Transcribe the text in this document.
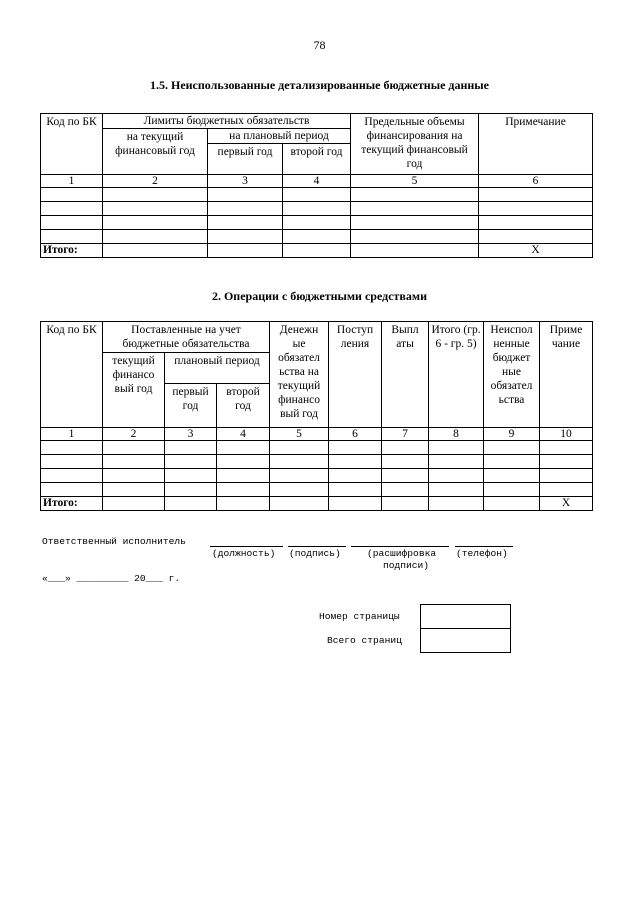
78
1.5. Неиспользованные детализированные бюджетные данные
Код по БК	Лимиты бюджетных обязательств			Предельные объемы финансирования на текущий финансовый год	Примечание
	на текущий финансовый год	на плановый период			
		первый год	второй год		
1	2	3	4	5	6

Итого:					Х
2. Операции с бюджетными средствами
Код по БК	Поставленные на учет бюджетные обязательства			Денежн ые обязател ьства на текущий финансо вый год	Поступ ления	Выпл аты	Итого (гр. 6 - гр. 5)	Неиспол ненные бюджет ные обязател ьства	Приме чание
	текущий финансо вый год	плановый период							
		первый год	второй год						
1	2	3	4	5	6	7	8	9	10

Итого:									Х
Ответственный исполнитель
(должность) (подпись)	(расшифровка (телефон)
подписи)
«___» _________ 20___ г.
Номер страницы
Всего страниц
